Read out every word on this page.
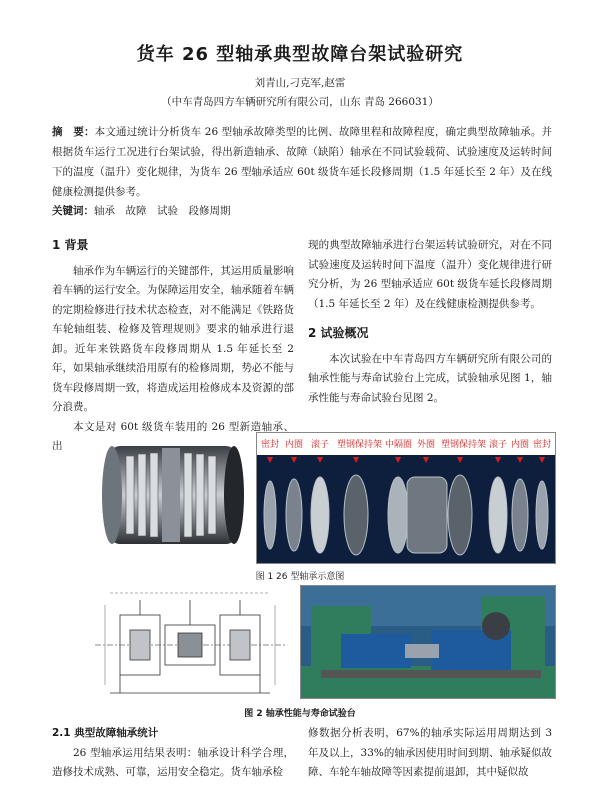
货车 26 型轴承典型故障台架试验研究
刘青山,刁克军,赵雷
（中车青岛四方车辆研究所有限公司，山东 青岛 266031）
摘　要：本文通过统计分析货车 26 型轴承故障类型的比例、故障里程和故障程度，确定典型故障轴承。并根据货车运行工况进行台架试验，得出新造轴承、故障（缺陷）轴承在不同试验载荷、试验速度及运转时间下的温度（温升）变化规律，为货车 26 型轴承适应 60t 级货车延长段修周期（1.5 年延长至 2 年）及在线健康检测提供参考。
关键词：轴承　故障　试验　段修周期
1 背景

轴承作为车辆运行的关键部件，其运用质量影响着车辆的运行安全。为保障运用安全，轴承随着车辆的定期检修进行技术状态检查，对不能满足《铁路货车轮轴组装、检修及管理规则》要求的轴承进行退卸。近年来铁路货车段修周期从 1.5 年延长至 2 年，如果轴承继续沿用原有的检修周期，势必不能与货车段修周期一致，将造成运用检修成本及资源的部分浪费。

本文是对 60t 级货车装用的 26 型新造轴承、出

现的典型故障轴承进行台架运转试验研究，对在不同试验速度及运转时间下温度（温升）变化规律进行研究分析，为 26 型轴承适应 60t 级货车延长段修周期（1.5 年延长至 2 年）及在线健康检测提供参考。

2 试验概况

本次试验在中车青岛四方车辆研究所有限公司的轴承性能与寿命试验台上完成，试验轴承见图 1，轴承性能与寿命试验台见图 2。

密封 内圈 滚子 塑钢保持架 中隔圈 外圈 塑钢保持架 滚子 内圈 密封
图 1 26 型轴承示意图
图 2 轴承性能与寿命试验台
2.1 典型故障轴承统计

26 型轴承运用结果表明：轴承设计科学合理，造修技术成熟、可靠，运用安全稳定。货车轴承检

修数据分析表明，67%的轴承实际运用周期达到 3 年及以上，33%的轴承因使用时间到期、轴承疑似故障、车轮车轴故障等因素提前退卸，其中疑似故
